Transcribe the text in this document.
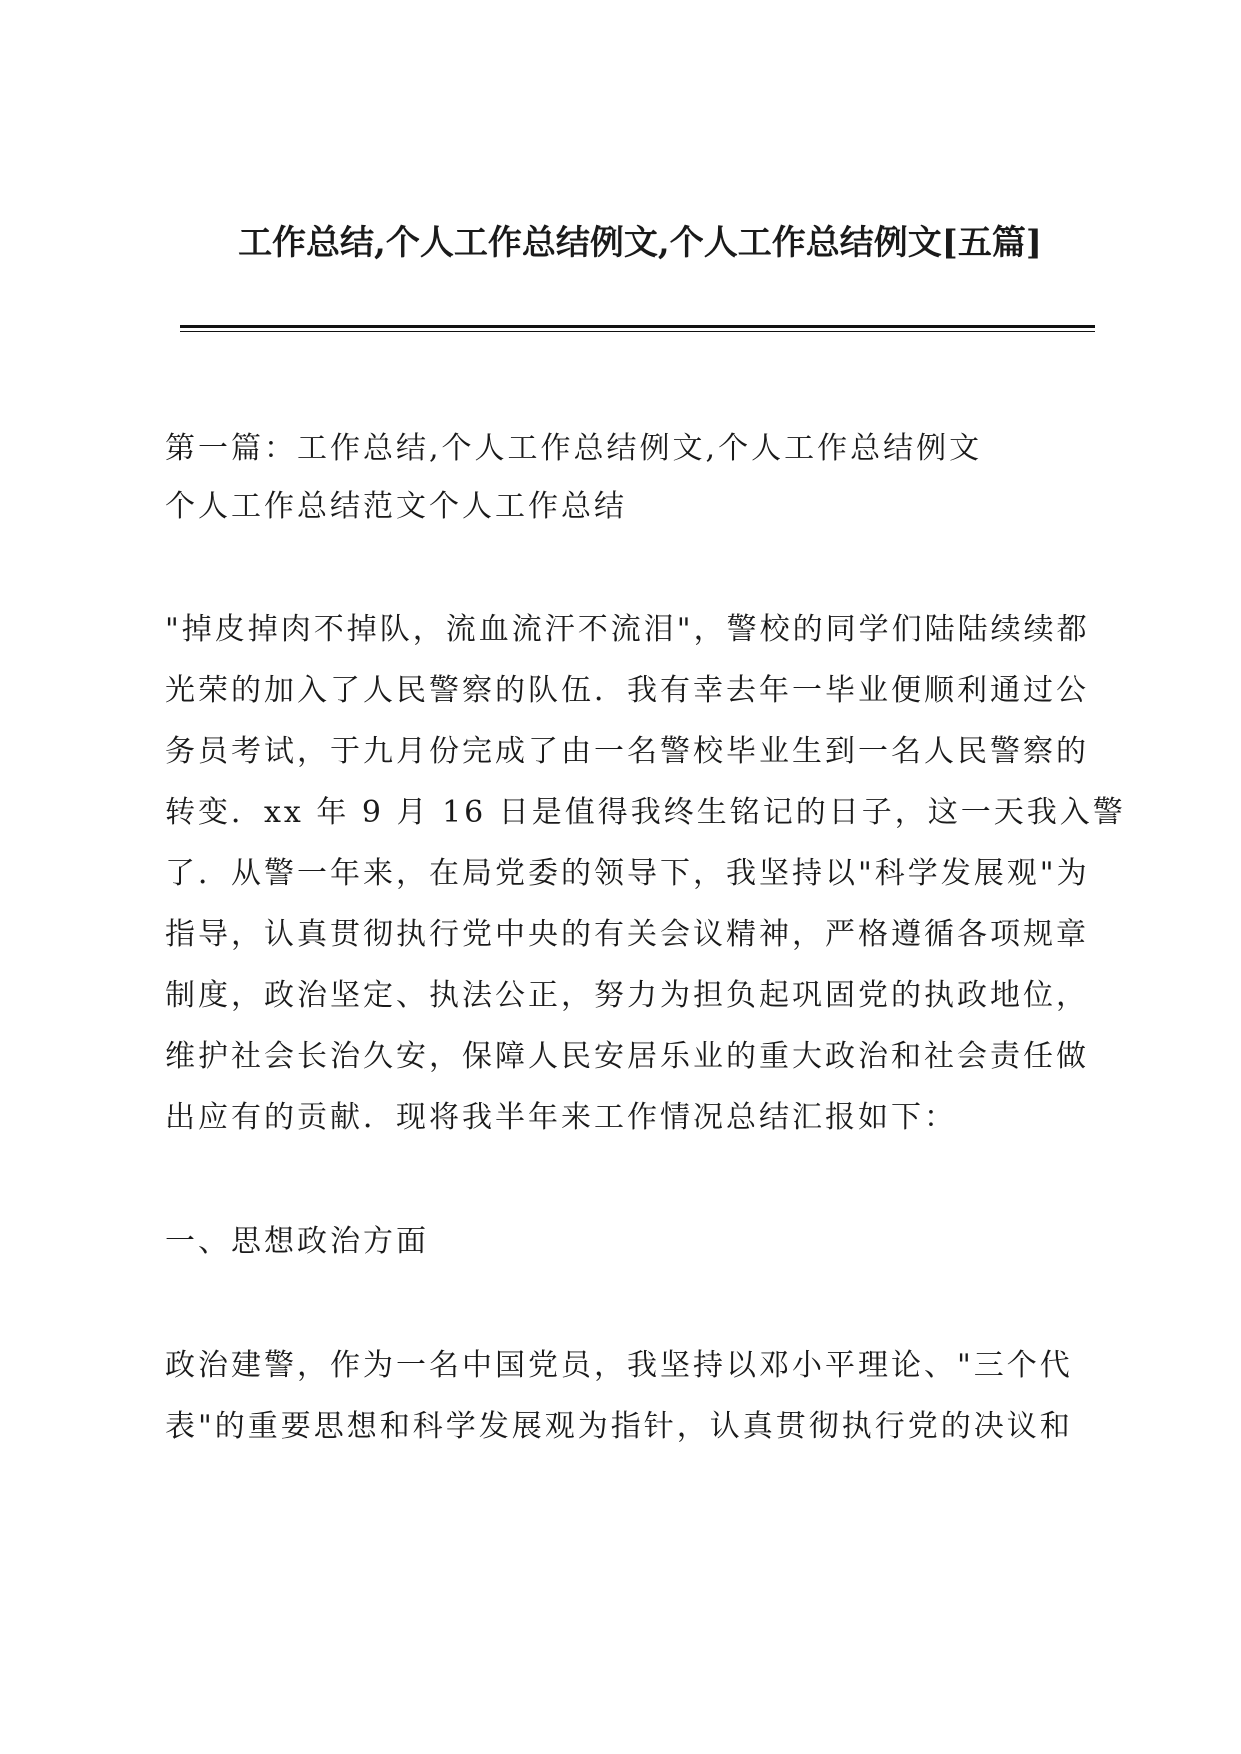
工作总结,个人工作总结例文,个人工作总结例文[五篇]
第一篇：工作总结,个人工作总结例文,个人工作总结例文
个人工作总结范文个人工作总结
"掉皮掉肉不掉队，流血流汗不流泪"，警校的同学们陆陆续续都
光荣的加入了人民警察的队伍．我有幸去年一毕业便顺利通过公
务员考试，于九月份完成了由一名警校毕业生到一名人民警察的
转变．xx 年 9 月 16 日是值得我终生铭记的日子，这一天我入警
了．从警一年来，在局党委的领导下，我坚持以"科学发展观"为
指导，认真贯彻执行党中央的有关会议精神，严格遵循各项规章
制度，政治坚定、执法公正，努力为担负起巩固党的执政地位，
维护社会长治久安，保障人民安居乐业的重大政治和社会责任做
出应有的贡献．现将我半年来工作情况总结汇报如下：
一、思想政治方面
政治建警，作为一名中国党员，我坚持以邓小平理论、"三个代
表"的重要思想和科学发展观为指针，认真贯彻执行党的决议和
